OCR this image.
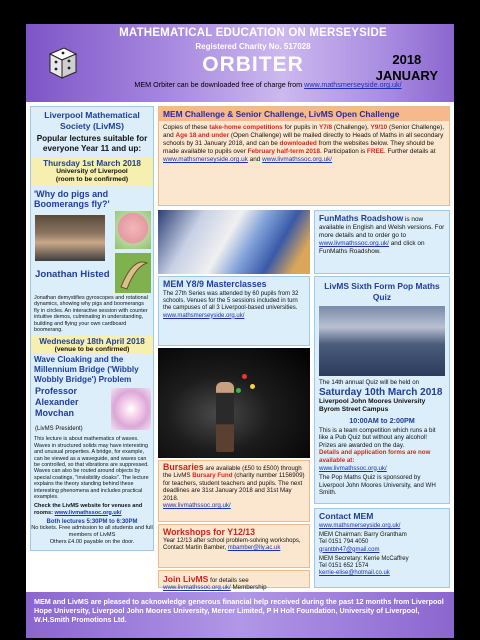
MATHEMATICAL EDUCATION ON MERSEYSIDE
Registered Charity No. 517028
ORBITER	2018
JANUARY
MEM Orbiter can be downloaded free of charge from www.mathsmerseyside.org.uk/
Liverpool Mathematical Society (LivMS)
Popular lectures suitable for everyone Year 11 and up:
Thursday 1st March 2018
University of Liverpool
(room to be confirmed)
'Why do pigs and Boomerangs fly?'
Jonathan Histed
Jonathan demystifies gyroscopes and rotational dynamics, showing why pigs and boomerangs fly in circles. An interactive session with counter intuitive demos, culminating in understanding, building and flying your own cardboard boomerang.
Wednesday 18th April 2018
(venue to be confirmed)
Wave Cloaking and the Millennium Bridge ('Wibbly Wobbly Bridge') Problem
Professor Alexander Movchan
(LivMS President)
This lecture is about mathematics of waves. Waves in structured solids may have interesting and unusual properties. A bridge, for example, can be viewed as a waveguide, and waves can be controlled, so that vibrations are suppressed. Waves can also be routed around objects by special coatings, "invisibility cloaks". The lecture explains the theory standing behind these interesting phenomena and includes practical examples.
Check the LivMS website for venues and rooms: www.livmathssoc.org.uk/
Both lectures 5:30PM to 6:30PM
No tickets. Free admission to all students and full members of LivMS
Others £4.00 payable on the door.
MEM Challenge & Senior Challenge, LivMS Open Challenge
Copies of these take-home competitions for pupils in Y7/8 (Challenge), Y9/10 (Senior Challenge), and Age 18 and under (Open Challenge) will be mailed directly to Heads of Maths in all secondary schools by 31 January 2018, and can be downloaded from the websites below. They should be made available to pupils over February half-term 2018. Participation is FREE. Further details at www.mathsmerseyside.org.uk and www.livmathssoc.org.uk/
FunMaths Roadshow is now available in English and Welsh versions. For more details and to order go to www.livmathssoc.org.uk/ and click on FunMaths Roadshow.
MEM Y8/9 Masterclasses
The 27th Series was attended by 60 pupils from 32 schools. Venues for the 5 sessions included in turn the campuses of all 3 Liverpool-based universities.
www.mathsmerseyside.org.uk/
LivMS Sixth Form Pop Maths Quiz
The 14th annual Quiz will be held on
Saturday 10th March 2018
Liverpool John Moores University Byrom Street Campus
10:00AM to 2:00PM
This is a team competition which runs a bit like a Pub Quiz but without any alcohol! Prizes are awarded on the day.
Details and application forms are now available at:
www.livmathssoc.org.uk/
The Pop Maths Quiz is sponsored by Liverpool John Moores University, and WH Smith.
Bursaries are available (£50 to £500) through the LivMS Bursary Fund (charity number 1156909) for teachers, student teachers and pupils. The next deadlines are 31st January 2018 and 31st May 2018.
www.livmathssoc.org.uk/
Workshops for Y12/13
Year 12/13 after school problem-solving workshops, Contact Martin Bamber, mbamber@lly.ac.uk
Join LivMS for details see www.livmathssoc.org.uk/ Membership
Contact MEM
www.mathsmerseyside.org.uk/
MEM Chairman: Barry Grantham
Tel 0151 794 4050
grantbh47@gmail.com
MEM Secretary: Kerrie McCaffrey
Tel 0151 652 1574
kerrie-elise@hotmail.co.uk
MEM and LivMS are pleased to acknowledge generous financial help received during the past 12 months from Liverpool Hope University, Liverpool John Moores University, Mercer Limited, P H Holt Foundation, University of Liverpool, W.H.Smith Promotions Ltd.
